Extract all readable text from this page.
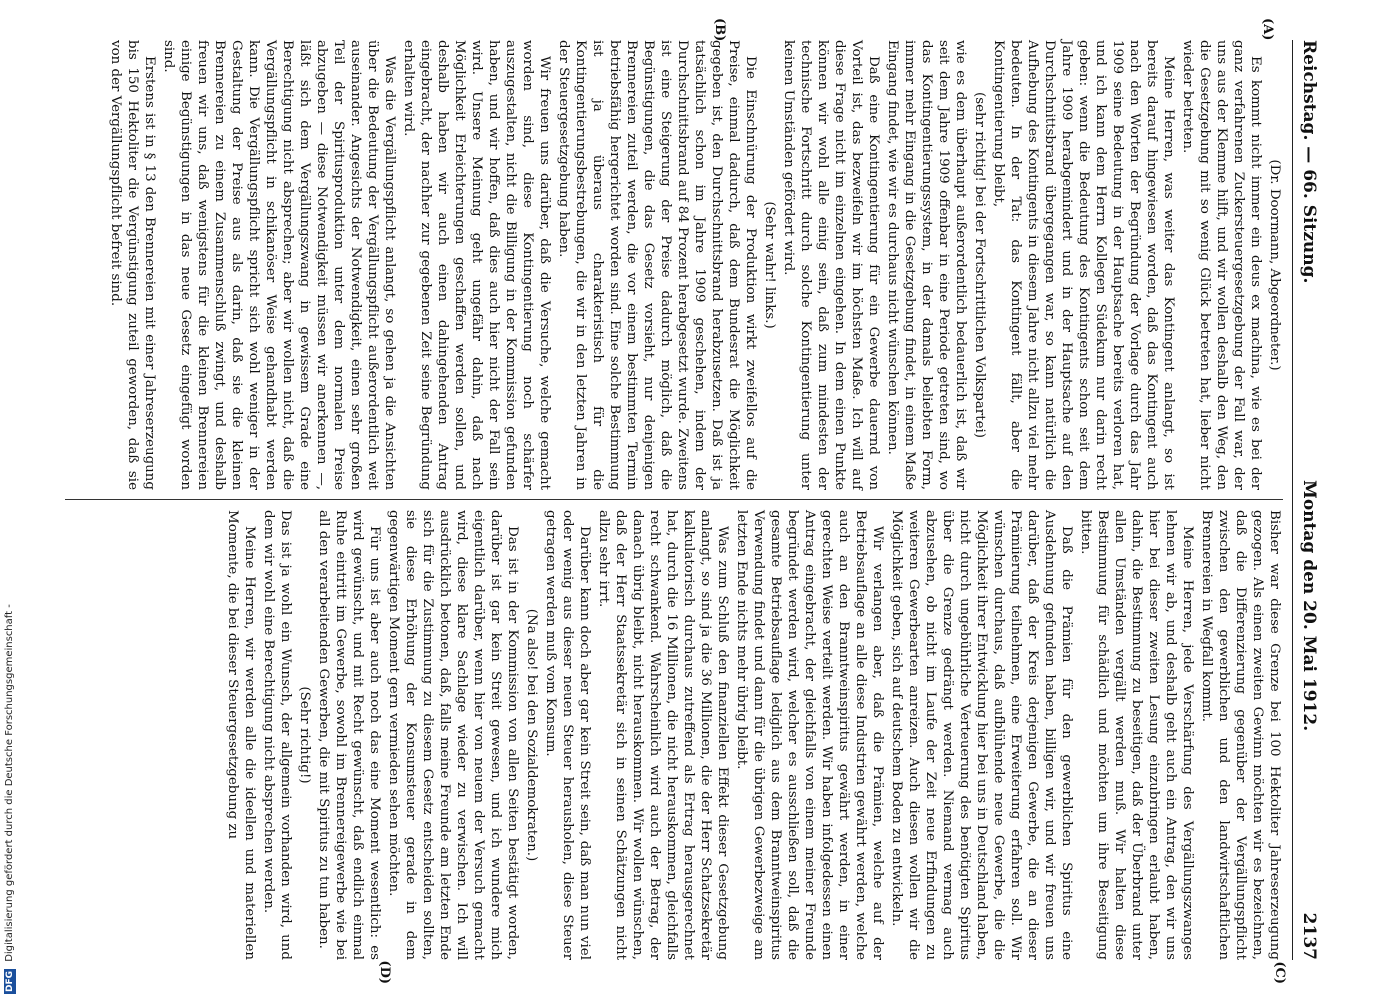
DFG Digitalisierung gefördert durch die Deutsche Forschungsgemeinschaft -
Reichstag. — 66. Sitzung.
Montag den 20. Mai 1912.
2137
(A)
(B)
(C)
(D)

(Dr. Doormann, Abgeordneter.)

Es kommt nicht immer ein deus ex machina, wie es bei der ganz verfahrenen Zuckersteuergesetzgebung der Fall war, der uns aus der Klemme hilft, und wir wollen deshalb den Weg, den die Gesetzgebung mit so wenig Glück betreten hat, lieber nicht wieder betreten.

Meine Herren, was weiter das Kontingent anlangt, so ist bereits darauf hingewiesen worden, daß das Kontingent auch nach den Worten der Begründung der Vorlage durch das Jahr 1909 seine Bedeutung in der Hauptsache bereits verloren hat, und ich kann dem Herrn Kollegen Südekum nur darin recht geben: wenn die Bedeutung des Kontingents schon seit dem Jahre 1909 herabgemindert und in der Hauptsache auf den Durchschnittsbrand übergegangen war, so kann natürlich die Aufhebung des Kontingents in diesem Jahre nicht allzu viel mehr bedeuten. In der Tat: das Kontingent fällt, aber die Kontingentierung bleibt,

(sehr richtig! bei der Fortschrittlichen Volkspartei)

wie es dem überhaupt außerordentlich bedauerlich ist, daß wir seit dem Jahre 1909 offenbar in eine Periode getreten sind, wo das Kontingentierungssystem, in der damals beliebten Form, immer mehr Eingang in die Gesetzgebung findet, in einem Maße Eingang findet, wie wir es durchaus nicht wünschen können.

Daß eine Kontingentierung für ein Gewerbe dauernd von Vorteil ist, das bezweifeln wir im höchsten Maße. Ich will auf diese Frage nicht im einzelnen eingehen. In dem einen Punkte können wir wohl alle einig sein, daß zum mindesten der technische Fortschritt durch solche Kontingentierung unter keinen Umständen gefördert wird.

(Sehr wahr! links.)

Die Einschnürung der Produktion wirkt zweifellos auf die Preise, einmal dadurch, daß dem Bundesrat die Möglichkeit gegeben ist, den Durchschnittsbrand herabzusetzen. Daß ist ja tatsächlich schon im Jahre 1909 geschehen, indem der Durchschnittsbrand auf 84 Prozent herabgesetzt wurde. Zweitens ist eine Steigerung der Preise dadurch möglich, daß die Begünstigungen, die das Gesetz vorsieht, nur denjenigen Brennereien zuteil werden, die vor einem bestimmten Termin betriebsfähig hergerichtet worden sind. Eine solche Bestimmung ist ja überaus charakteristisch für die Kontingentierungsbestrebungen, die wir in den letzten Jahren in der Steuergesetzgebung haben.

Wir freuen uns darüber, daß die Versuche, welche gemacht worden sind, diese Kontingentierung noch schärfer auszugestalten, nicht die Billigung in der Kommission gefunden haben, und wir hoffen, daß dies auch hier nicht der Fall sein wird. Unsere Meinung geht ungefähr dahin, daß nach Möglichkeit Erleichterungen geschaffen werden sollen, und deshalb haben wir auch einen dahingehenden Antrag eingebracht, der nachher zur gegebenen Zeit seine Begründung erhalten wird.

Was die Vergällungspflicht anlangt, so gehen ja die Ansichten über die Bedeutung der Vergällungspflicht außerordentlich weit auseinander. Angesichts der Notwendigkeit, einen sehr großen Teil der Spiritusproduktion unter dem normalen Preise abzugeben — diese Notwendigkeit müssen wir anerkennen —, läßt sich dem Vergällungszwang in gewissem Grade eine Berechtigung nicht absprechen; aber wir wollen nicht, daß die Vergällungspflicht in schikanöser Weise gehandhabt werden kann. Die Vergällungspflicht spricht sich wohl weniger in der Gestaltung der Preise aus als darin, daß sie die kleinen Brennereien zu einem Zusammenschluß zwingt, und deshalb freuen wir uns, daß wenigstens für die kleinen Brennereien einige Begünstigungen in das neue Gesetz eingefügt worden sind.

Erstens ist in § 13 den Brennereien mit einer Jahreserzeugung bis 150 Hektoliter die Vergünstigung zuteil geworden, daß sie von der Vergällungspflicht befreit sind.

Bisher war diese Grenze bei 100 Hektoliter Jahreserzeugung gezogen. Als einen zweiten Gewinn möchten wir es bezeichnen, daß die Differenzierung gegenüber der Vergällungspflicht zwischen den gewerblichen und den landwirtschaftlichen Brennereien in Wegfall kommt.

Meine Herren, jede Verschärfung des Vergällungszwanges lehnen wir ab, und deshalb geht auch ein Antrag, den wir uns hier bei dieser zweiten Lesung einzubringen erlaubt haben, dahin, die Bestimmung zu beseitigen, daß der Überbrand unter allen Umständen vergällt werden muß. Wir halten diese Bestimmung für schädlich und möchten um ihre Beseitigung bitten.

Daß die Prämien für den gewerblichen Spiritus eine Ausdehnung gefunden haben, billigen wir, und wir freuen uns darüber, daß der Kreis derjenigen Gewerbe, die an dieser Prämiierung teilnehmen, eine Erweiterung erfahren soll. Wir wünschen durchaus, daß aufblühende neue Gewerbe, die die Möglichkeit ihrer Entwicklung hier bei uns in Deutschland haben, nicht durch ungebührliche Verteuerung des benötigten Spiritus über die Grenze gedrängt werden. Niemand vermag auch abzusehen, ob nicht im Laufe der Zeit neue Erfindungen zu weiteren Gewerbearten anreizen. Auch diesen wollen wir die Möglichkeit geben, sich auf deutschem Boden zu entwickeln.

Wir verlangen aber, daß die Prämien, welche auf der Betriebsauflage an alle diese Industrien gewährt werden, welche auch an den Branntweinspiritus gewährt werden, in einer gerechten Weise verteilt werden. Wir haben infolgedessen einen Antrag eingebracht, der gleichfalls von einem meiner Freunde begründet werden wird, welcher es ausschließen soll, daß die gesamte Betriebsauflage lediglich aus dem Branntweinspiritus Verwendung findet und dann für die übrigen Gewerbezweige am letzten Ende nichts mehr übrig bleibt.

Was zum Schluß den finanziellen Effekt dieser Gesetzgebung anlangt, so sind ja die 36 Millionen, die der Herr Schatzsekretär kalkulatorisch durchaus zutreffend als Ertrag herausgerechnet hat, durch die 16 Millionen, die nicht herauskommen, gleichfalls recht schwankend. Wahrscheinlich wird auch der Betrag, der danach übrig bleibt, nicht herauskommen. Wir wollen wünschen, daß der Herr Staatssekretär sich in seinen Schätzungen nicht allzu sehr irrt.

Darüber kann doch aber gar kein Streit sein, daß man nun viel oder wenig aus dieser neuen Steuer herausholen, diese Steuer getragen werden muß vom Konsum.

(Na also! bei den Sozialdemokraten.)

Das ist in der Kommission von allen Seiten bestätigt worden, darüber ist gar kein Streit gewesen, und ich wundere mich eigentlich darüber, wenn hier von neuem der Versuch gemacht wird, diese klare Sachlage wieder zu verwischen. Ich will ausdrücklich betonen, daß, falls meine Freunde am letzten Ende sich für die Zustimmung zu diesem Gesetz entscheiden sollten, sie diese Erhöhung der Konsumsteuer gerade in dem gegenwärtigen Moment gern vermieden sehen möchten.

Für uns ist aber auch noch das eine Moment wesentlich: es wird gewünscht, und mit Recht gewünscht, daß endlich einmal Ruhe eintritt im Gewerbe, sowohl im Brennereigewerbe wie bei all den verarbeitenden Gewerben, die mit Spiritus zu tun haben.

(Sehr richtig!)

Das ist ja wohl ein Wunsch, der allgemein vorhanden wird, und dem wir wohl eine Berechtigung nicht absprechen werden.

Meine Herren, wir werden alle die ideellen und materiellen Momente, die bei dieser Steuergesetzgebung zu
